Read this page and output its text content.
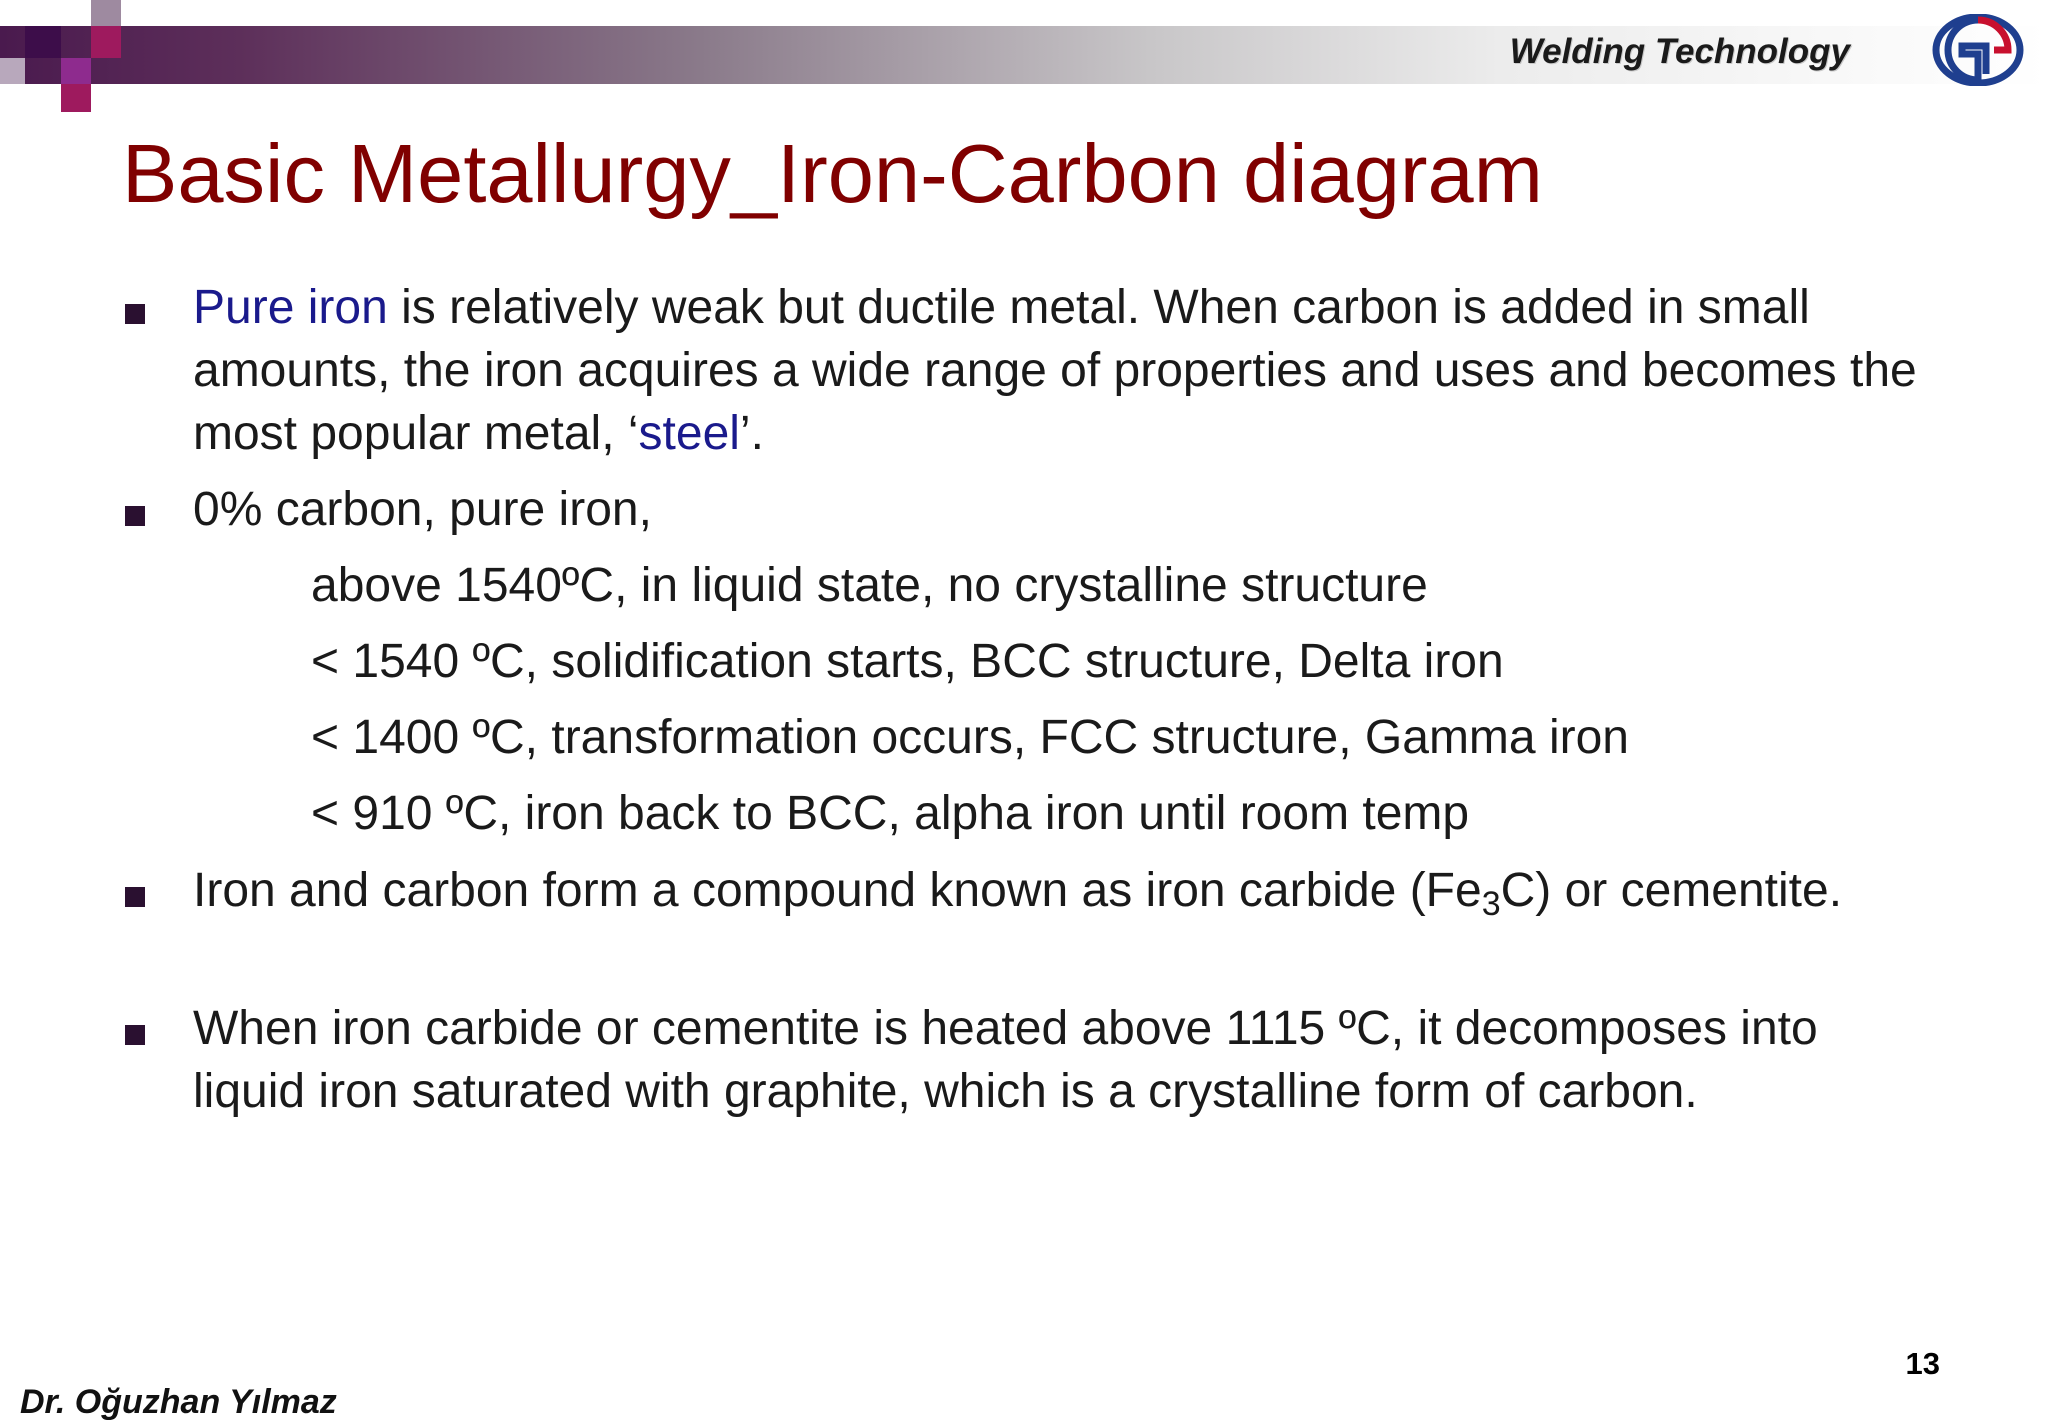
Welding Technology
Basic Metallurgy_Iron-Carbon diagram
Pure iron is relatively weak but ductile metal. When carbon is added in small amounts, the iron acquires a wide range of properties and uses and becomes the most popular metal, ‘steel’.
0% carbon, pure iron,
above 1540ºC, in liquid state, no crystalline structure
< 1540 ºC, solidification starts, BCC structure, Delta iron
< 1400 ºC, transformation occurs, FCC structure, Gamma iron
< 910 ºC, iron back to BCC, alpha iron until room temp
Iron and carbon form a compound known as iron carbide $(Fe_3C)$ or cementite.
When iron carbide or cementite is heated above 1115 ºC, it decomposes into liquid iron saturated with graphite, which is a crystalline form of carbon.
13
Dr. Oğuzhan Yılmaz
